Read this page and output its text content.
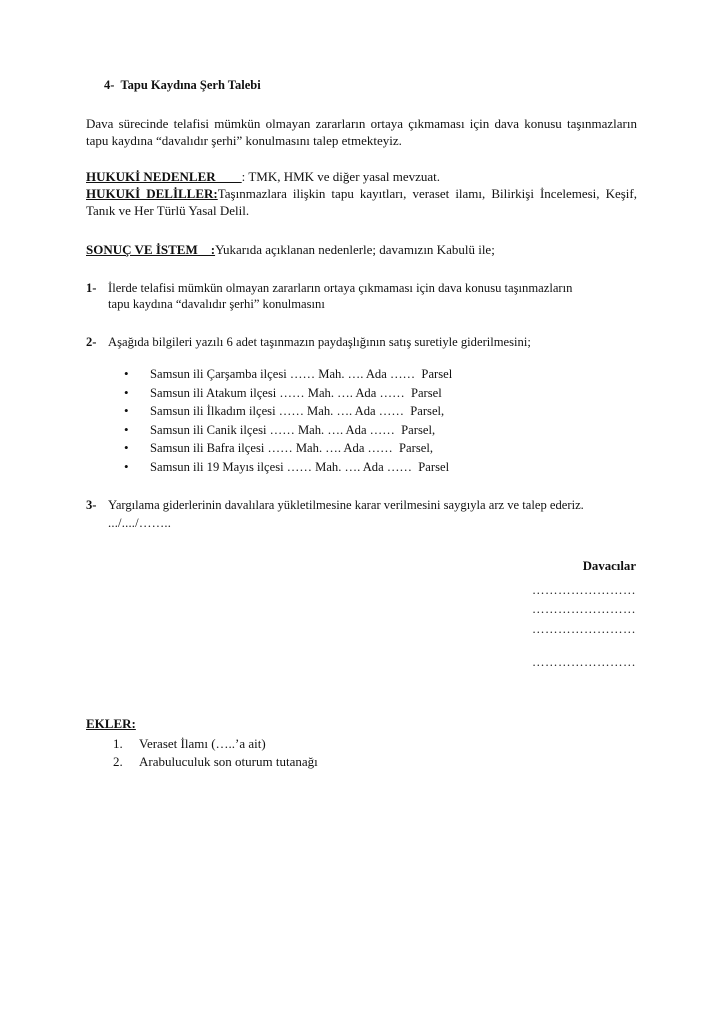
4- Tapu Kaydına Şerh Talebi

Dava sürecinde telafisi mümkün olmayan zararların ortaya çıkmaması için dava konusu taşınmazların tapu kaydına “davalıdır şerhi” konulmasını talep etmekteyiz.

HUKUKİ NEDENLER        : TMK, HMK ve diğer yasal mevzuat.

HUKUKİ DELİLLER:Taşınmazlara ilişkin tapu kayıtları, veraset ilamı, Bilirkişi İncelemesi, Keşif, Tanık ve Her Türlü Yasal Delil.

SONUÇ VE İSTEM    :Yukarıda açıklanan nedenlerle; davamızın Kabulü ile;

1- İlerde telafisi mümkün olmayan zararların ortaya çıkmaması için dava konusu taşınmazların
tapu kaydına “davalıdır şerhi” konulmasını
2- Aşağıda bilgileri yazılı 6 adet taşınmazın paydaşlığının satış suretiyle giderilmesini;
• Samsun ili Çarşamba ilçesi …… Mah. …. Ada ……  Parsel
• Samsun ili Atakum ilçesi …… Mah. …. Ada ……  Parsel
• Samsun ili İlkadım ilçesi …… Mah. …. Ada ……  Parsel,
• Samsun ili Canik ilçesi …… Mah. …. Ada ……  Parsel,
• Samsun ili Bafra ilçesi …… Mah. …. Ada ……  Parsel,
• Samsun ili 19 Mayıs ilçesi …… Mah. …. Ada ……  Parsel
3- Yargılama giderlerinin davalılara yükletilmesine karar verilmesini saygıyla arz ve talep ederiz.
.../..../……..

Davacılar

……………………

……………………

……………………

……………………

EKLER:

1. Veraset İlamı (…..’a ait)
2. Arabuluculuk son oturum tutanağı
